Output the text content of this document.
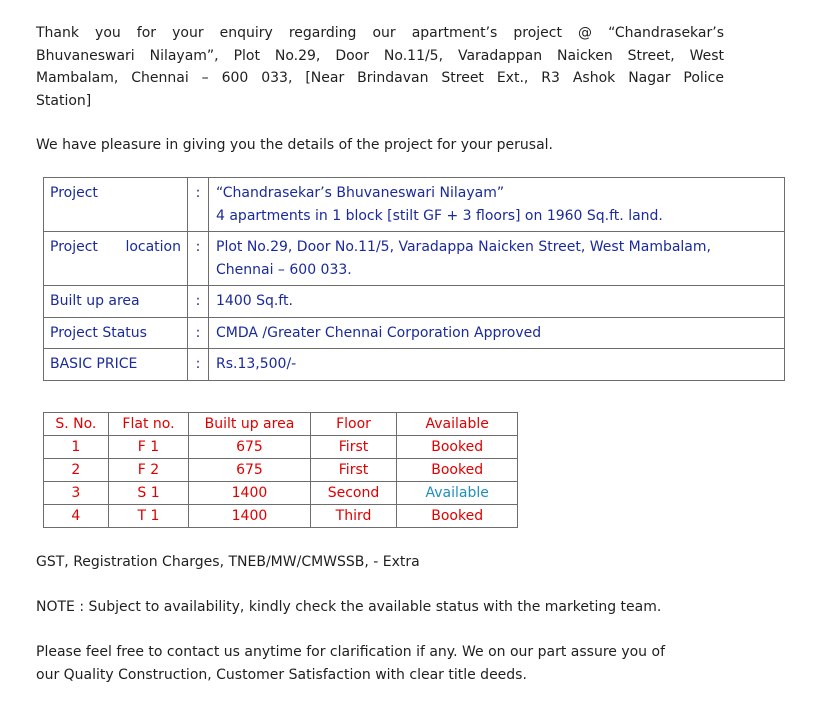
Thank you for your enquiry regarding our apartment’s project @ “Chandrasekar’s
Bhuvaneswari Nilayam”, Plot No.29, Door No.11/5, Varadappan Naicken Street, West
Mambalam, Chennai – 600 033, [Near Brindavan Street Ext., R3 Ashok Nagar Police
Station]

We have pleasure in giving you the details of the project for your perusal.

Project	:	“Chandrasekar’s Bhuvaneswari Nilayam”
4 apartments in 1 block [stilt GF + 3 floors] on 1960 Sq.ft. land.

Project location	:	Plot No.29, Door No.11/5, Varadappa Naicken Street, West Mambalam,
Chennai – 600 033.

Built up area	:	1400 Sq.ft.
Project Status	:	CMDA /Greater Chennai Corporation Approved
BASIC PRICE	:	Rs.13,500/-
S. No.	Flat no.	Built up area	Floor	Available
1	F 1	675	First	Booked
2	F 2	675	First	Booked
3	S 1	1400	Second	Available
4	T 1	1400	Third	Booked

GST, Registration Charges, TNEB/MW/CMWSSB, - Extra

NOTE : Subject to availability, kindly check the available status with the marketing team.

Please feel free to contact us anytime for clarification if any. We on our part assure you of
our Quality Construction, Customer Satisfaction with clear title deeds.
